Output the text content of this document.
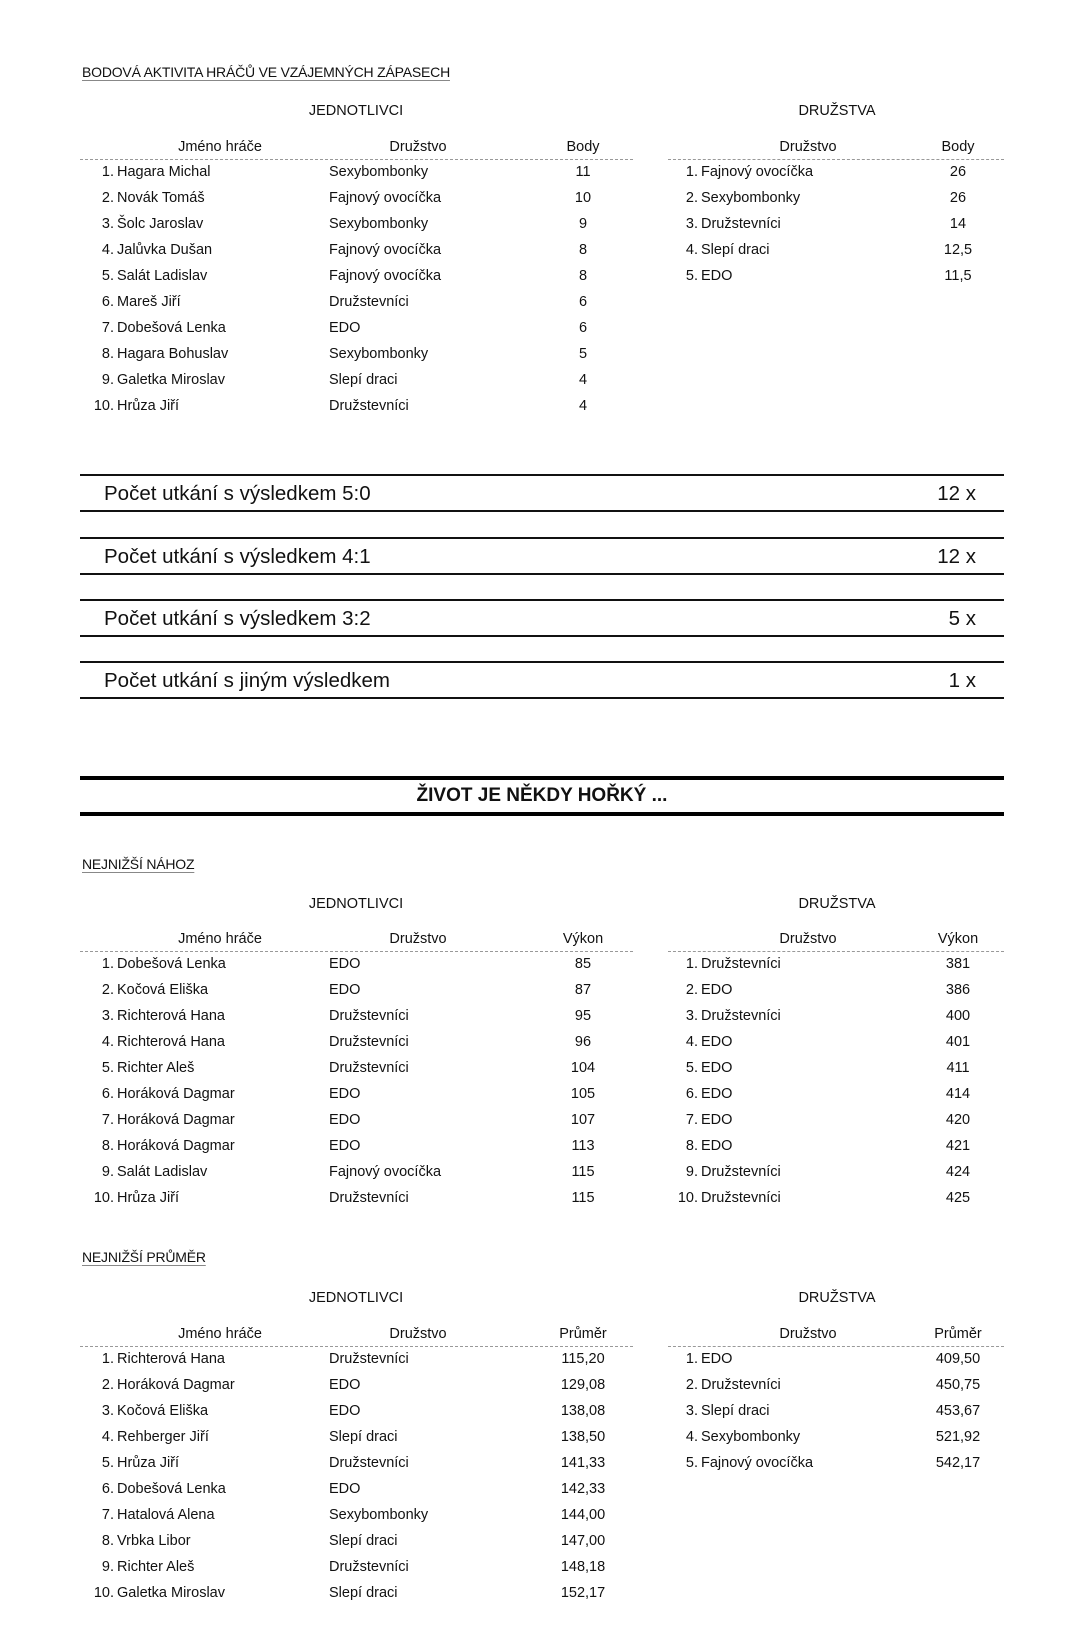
BODOVÁ AKTIVITA HRÁČŮ VE VZÁJEMNÝCH ZÁPASECH
JEDNOTLIVCI	DRUŽSTVA
Jméno hráče	Družstvo	Body
1. Hagara Michal	Sexybombonky	11
2. Novák Tomáš	Fajnový ovocíčka	10
3. Šolc Jaroslav	Sexybombonky	9
4. Jalůvka Dušan	Fajnový ovocíčka	8
5. Salát Ladislav	Fajnový ovocíčka	8
6. Mareš Jiří	Družstevníci	6
7. Dobešová Lenka	EDO	6
8. Hagara Bohuslav	Sexybombonky	5
9. Galetka Miroslav	Slepí draci	4
10. Hrůza Jiří	Družstevníci	4
Družstvo	Body
1. Fajnový ovocíčka	26
2. Sexybombonky	26
3. Družstevníci	14
4. Slepí draci	12,5
5. EDO	11,5
Počet utkání s výsledkem 5:0	12 x
Počet utkání s výsledkem 4:1	12 x
Počet utkání s výsledkem 3:2	5 x
Počet utkání s jiným výsledkem	1 x
ŽIVOT JE NĚKDY HOŘKÝ ...
NEJNIŽŠÍ NÁHOZ
JEDNOTLIVCI	DRUŽSTVA
Jméno hráče	Družstvo	Výkon
1. Dobešová Lenka	EDO	85
2. Kočová Eliška	EDO	87
3. Richterová Hana	Družstevníci	95
4. Richterová Hana	Družstevníci	96
5. Richter Aleš	Družstevníci	104
6. Horáková Dagmar	EDO	105
7. Horáková Dagmar	EDO	107
8. Horáková Dagmar	EDO	113
9. Salát Ladislav	Fajnový ovocíčka	115
10. Hrůza Jiří	Družstevníci	115
Družstvo	Výkon
1. Družstevníci	381
2. EDO	386
3. Družstevníci	400
4. EDO	401
5. EDO	411
6. EDO	414
7. EDO	420
8. EDO	421
9. Družstevníci	424
10. Družstevníci	425
NEJNIŽŠÍ PRŮMĚR
JEDNOTLIVCI	DRUŽSTVA
Jméno hráče	Družstvo	Průměr
1. Richterová Hana	Družstevníci	115,20
2. Horáková Dagmar	EDO	129,08
3. Kočová Eliška	EDO	138,08
4. Rehberger Jiří	Slepí draci	138,50
5. Hrůza Jiří	Družstevníci	141,33
6. Dobešová Lenka	EDO	142,33
7. Hatalová Alena	Sexybombonky	144,00
8. Vrbka Libor	Slepí draci	147,00
9. Richter Aleš	Družstevníci	148,18
10. Galetka Miroslav	Slepí draci	152,17
Družstvo	Průměr
1. EDO	409,50
2. Družstevníci	450,75
3. Slepí draci	453,67
4. Sexybombonky	521,92
5. Fajnový ovocíčka	542,17
